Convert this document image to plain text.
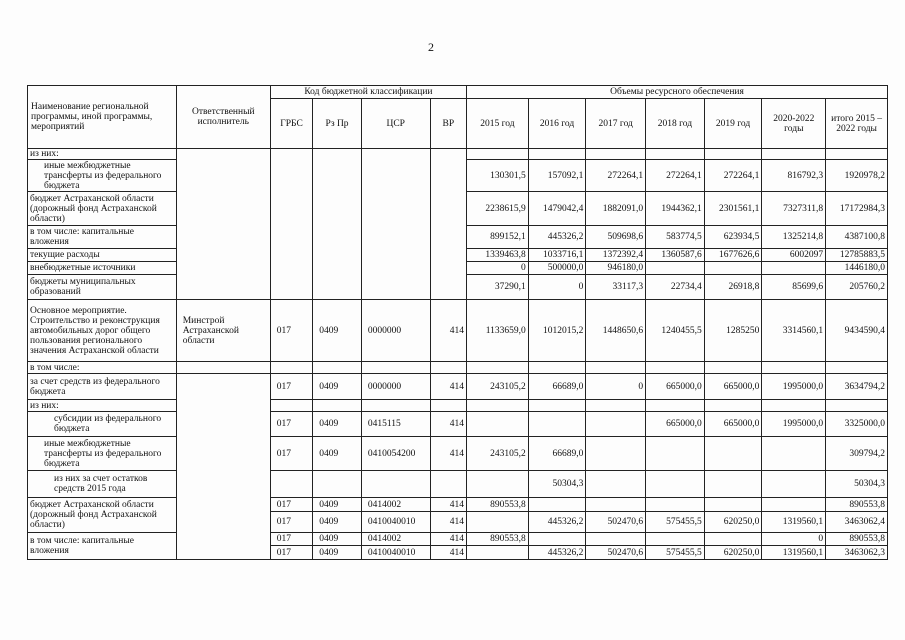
2
Наименование региональной программы, иной программы, мероприятий	Ответственный исполнитель	Код бюджетной классификации				Объемы ресурсного обеспечения						
		ГРБС	Рз Пр	ЦСР	ВР	2015 год	2016 год	2017 год	2018 год	2019 год	2020-2022 годы	итого 2015 – 2022 годы
из них:												
иные межбюджетные трансферты из федерального бюджета						130301,5	157092,1	272264,1	272264,1	272264,1	816792,3	1920978,2
бюджет Астраханской области (дорожный фонд Астраханской области)						2238615,9	1479042,4	1882091,0	1944362,1	2301561,1	7327311,8	17172984,3
в том числе: капитальные вложения						899152,1	445326,2	509698,6	583774,5	623934,5	1325214,8	4387100,8
текущие расходы						1339463,8	1033716,1	1372392,4	1360587,6	1677626,6	6002097	12785883,5
внебюджетные источники						0	500000,0	946180,0				1446180,0
бюджеты муниципальных образований						37290,1	0	33117,3	22734,4	26918,8	85699,6	205760,2
Основное мероприятие. Строительство и реконструкция автомобильных дорог общего пользования регионального значения Астраханской области	Минстрой Астраханской области	017	0409	0000000	414	1133659,0	1012015,2	1448650,6	1240455,5	1285250	3314560,1	9434590,4
в том числе:												
за счет средств из федерального бюджета		017	0409	0000000	414	243105,2	66689,0	0	665000,0	665000,0	1995000,0	3634794,2
из них:												
субсидии из федерального бюджета		017	0409	0415115	414				665000,0	665000,0	1995000,0	3325000,0
иные межбюджетные трансферты из федерального бюджета		017	0409	0410054200	414	243105,2	66689,0					309794,2
из них за счет остатков средств 2015 года							50304,3					50304,3
бюджет Астраханской области (дорожный фонд Астраханской области)		017	0409	0414002	414	890553,8						890553,8
		017	0409	0410040010	414		445326,2	502470,6	575455,5	620250,0	1319560,1	3463062,4
в том числе: капитальные вложения		017	0409	0414002	414	890553,8					0	890553,8
		017	0409	0410040010	414		445326,2	502470,6	575455,5	620250,0	1319560,1	3463062,3
